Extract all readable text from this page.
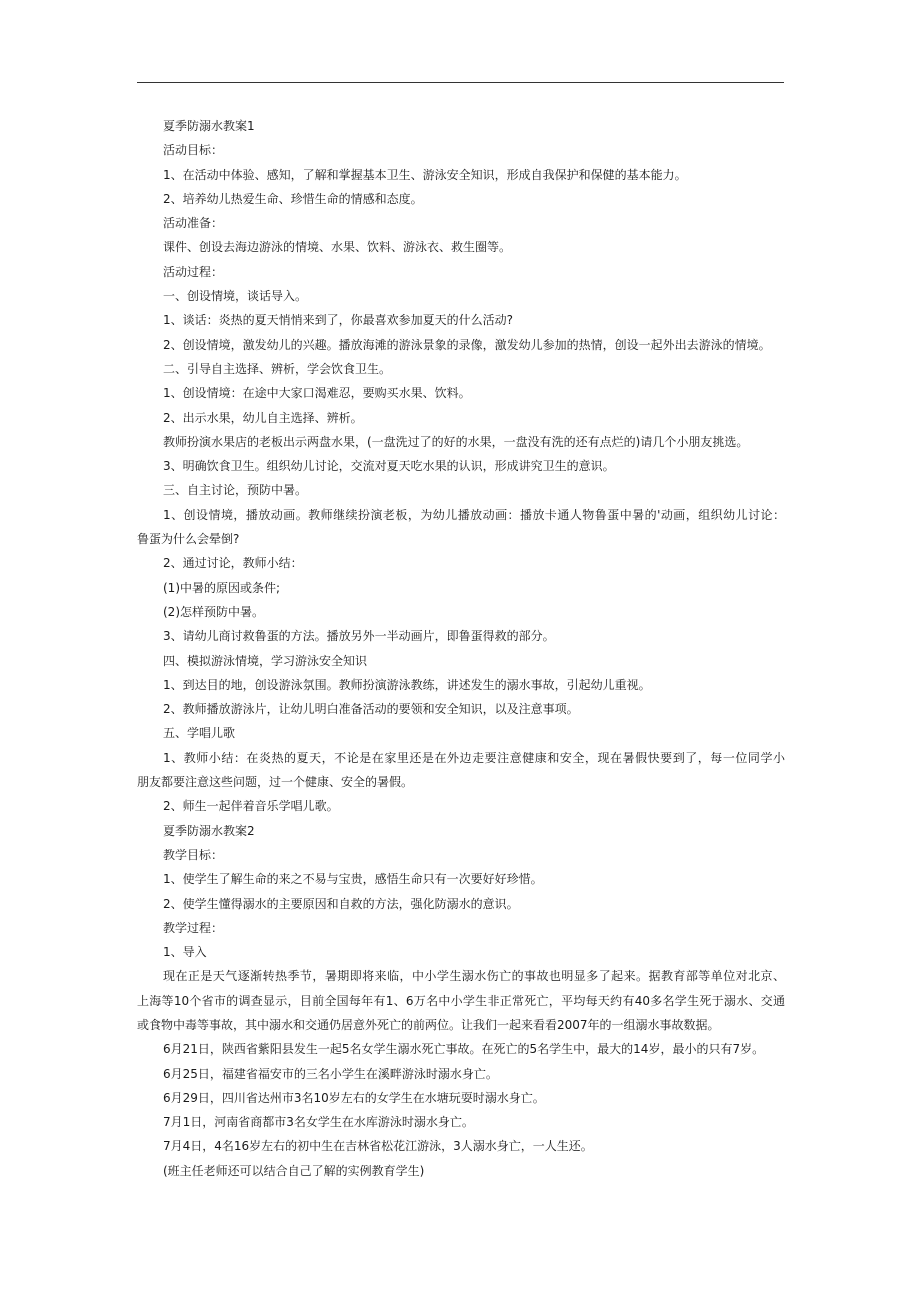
夏季防溺水教案1
活动目标：
1、在活动中体验、感知，了解和掌握基本卫生、游泳安全知识，形成自我保护和保健的基本能力。
2、培养幼儿热爱生命、珍惜生命的情感和态度。
活动准备：
课件、创设去海边游泳的情境、水果、饮料、游泳衣、救生圈等。
活动过程：
一、创设情境，谈话导入。
1、谈话：炎热的夏天悄悄来到了，你最喜欢参加夏天的什么活动?
2、创设情境，激发幼儿的兴趣。播放海滩的游泳景象的录像，激发幼儿参加的热情，创设一起外出去游泳的情境。
二、引导自主选择、辨析，学会饮食卫生。
1、创设情境：在途中大家口渴难忍，要购买水果、饮料。
2、出示水果，幼儿自主选择、辨析。
教师扮演水果店的老板出示两盘水果，(一盘洗过了的好的水果，一盘没有洗的还有点烂的)请几个小朋友挑选。
3、明确饮食卫生。组织幼儿讨论，交流对夏天吃水果的认识，形成讲究卫生的意识。
三、自主讨论，预防中暑。
1、创设情境，播放动画。教师继续扮演老板，为幼儿播放动画：播放卡通人物鲁蛋中暑的'动画，组织幼儿讨论：
鲁蛋为什么会晕倒?
2、通过讨论，教师小结：
(1)中暑的原因或条件;
(2)怎样预防中暑。
3、请幼儿商讨救鲁蛋的方法。播放另外一半动画片，即鲁蛋得救的部分。
四、模拟游泳情境，学习游泳安全知识
1、到达目的地，创设游泳氛围。教师扮演游泳教练，讲述发生的溺水事故，引起幼儿重视。
2、教师播放游泳片，让幼儿明白准备活动的要领和安全知识，以及注意事项。
五、学唱儿歌
1、教师小结：在炎热的夏天，不论是在家里还是在外边走要注意健康和安全，现在暑假快要到了，每一位同学小
朋友都要注意这些问题，过一个健康、安全的暑假。
2、师生一起伴着音乐学唱儿歌。
夏季防溺水教案2
教学目标：
1、使学生了解生命的来之不易与宝贵，感悟生命只有一次要好好珍惜。
2、使学生懂得溺水的主要原因和自救的方法，强化防溺水的意识。
教学过程：
1、导入
现在正是天气逐渐转热季节，暑期即将来临，中小学生溺水伤亡的事故也明显多了起来。据教育部等单位对北京、
上海等10个省市的调查显示，目前全国每年有1、6万名中小学生非正常死亡，平均每天约有40多名学生死于溺水、交通
或食物中毒等事故，其中溺水和交通仍居意外死亡的前两位。让我们一起来看看2007年的一组溺水事故数据。
6月21日，陕西省紫阳县发生一起5名女学生溺水死亡事故。在死亡的5名学生中，最大的14岁，最小的只有7岁。
6月25日，福建省福安市的三名小学生在溪畔游泳时溺水身亡。
6月29日，四川省达州市3名10岁左右的女学生在水塘玩耍时溺水身亡。
7月1日，河南省商都市3名女学生在水库游泳时溺水身亡。
7月4日，4名16岁左右的初中生在吉林省松花江游泳，3人溺水身亡，一人生还。
(班主任老师还可以结合自己了解的实例教育学生)
